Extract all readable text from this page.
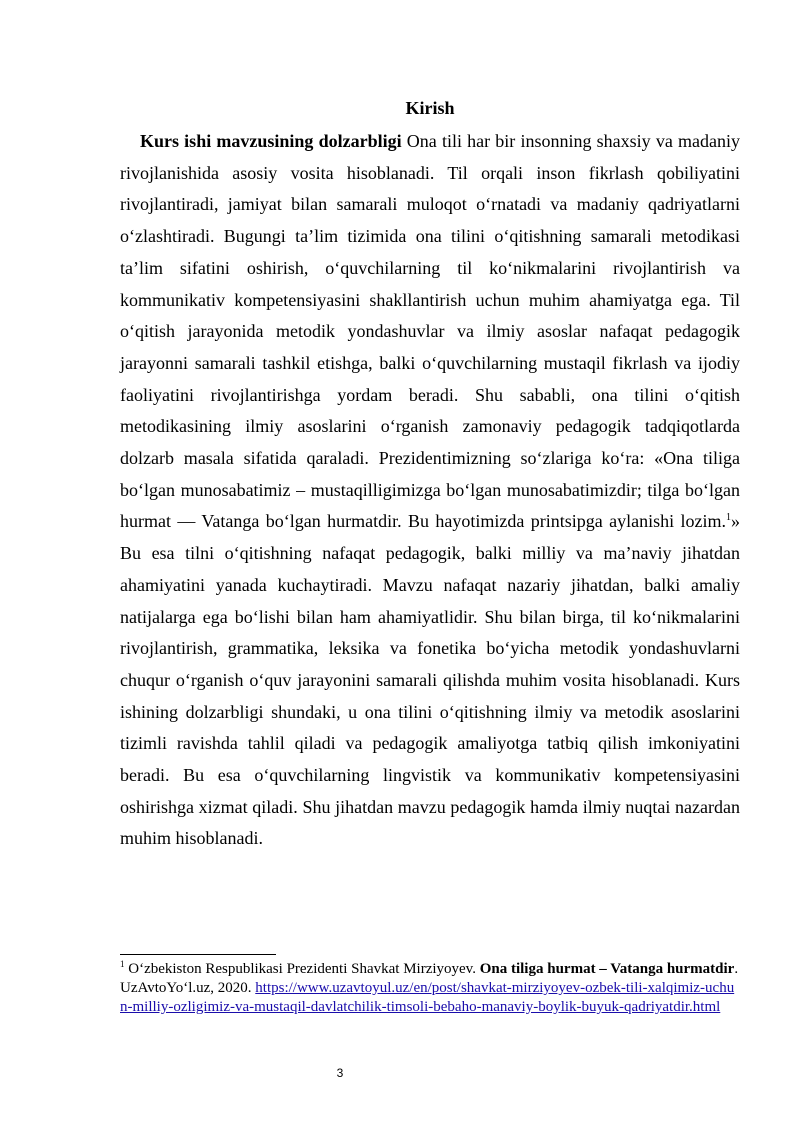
Kirish

Kurs ishi mavzusining dolzarbligi Ona tili har bir insonning shaxsiy va madaniy rivojlanishida asosiy vosita hisoblanadi. Til orqali inson fikrlash qobiliyatini rivojlantiradi, jamiyat bilan samarali muloqot oʻrnatadi va madaniy qadriyatlarni oʻzlashtiradi. Bugungi taʼlim tizimida ona tilini oʻqitishning samarali metodikasi taʼlim sifatini oshirish, oʻquvchilarning til koʻnikmalarini rivojlantirish va kommunikativ kompetensiyasini shakllantirish uchun muhim ahamiyatga ega. Til oʻqitish jarayonida metodik yondashuvlar va ilmiy asoslar nafaqat pedagogik jarayonni samarali tashkil etishga, balki oʻquvchilarning mustaqil fikrlash va ijodiy faoliyatini rivojlantirishga yordam beradi. Shu sababli, ona tilini oʻqitish metodikasining ilmiy asoslarini oʻrganish zamonaviy pedagogik tadqiqotlarda dolzarb masala sifatida qaraladi. Prezidentimizning soʻzlariga koʻra: «Ona tiliga boʻlgan munosabatimiz – mustaqilligimizga boʻlgan munosabatimizdir; tilga boʻlgan hurmat — Vatanga boʻlgan hurmatdir. Bu hayotimizda printsipga aylanishi lozim.$^1$» Bu esa tilni oʻqitishning nafaqat pedagogik, balki milliy va maʼnaviy jihatdan ahamiyatini yanada kuchaytiradi. Mavzu nafaqat nazariy jihatdan, balki amaliy natijalarga ega boʻlishi bilan ham ahamiyatlidir. Shu bilan birga, til koʻnikmalarini rivojlantirish, grammatika, leksika va fonetika boʻyicha metodik yondashuvlarni chuqur oʻrganish oʻquv jarayonini samarali qilishda muhim vosita hisoblanadi. Kurs ishining dolzarbligi shundaki, u ona tilini oʻqitishning ilmiy va metodik asoslarini tizimli ravishda tahlil qiladi va pedagogik amaliyotga tatbiq qilish imkoniyatini beradi. Bu esa oʻquvchilarning lingvistik va kommunikativ kompetensiyasini oshirishga xizmat qiladi. Shu jihatdan mavzu pedagogik hamda ilmiy nuqtai nazardan muhim hisoblanadi.

$^1$ Oʻzbekiston Respublikasi Prezidenti Shavkat Mirziyoyev. Ona tiliga hurmat – Vatanga hurmatdir. UzAvtoYoʻl.uz, 2020. https://www.uzavtoyul.uz/en/post/shavkat-mirziyoyev-ozbek-tili-xalqimiz-uchun-milliy-ozligimiz-va-mustaqil-davlatchilik-timsoli-bebaho-manaviy-boylik-buyuk-qadriyatdir.html

3
